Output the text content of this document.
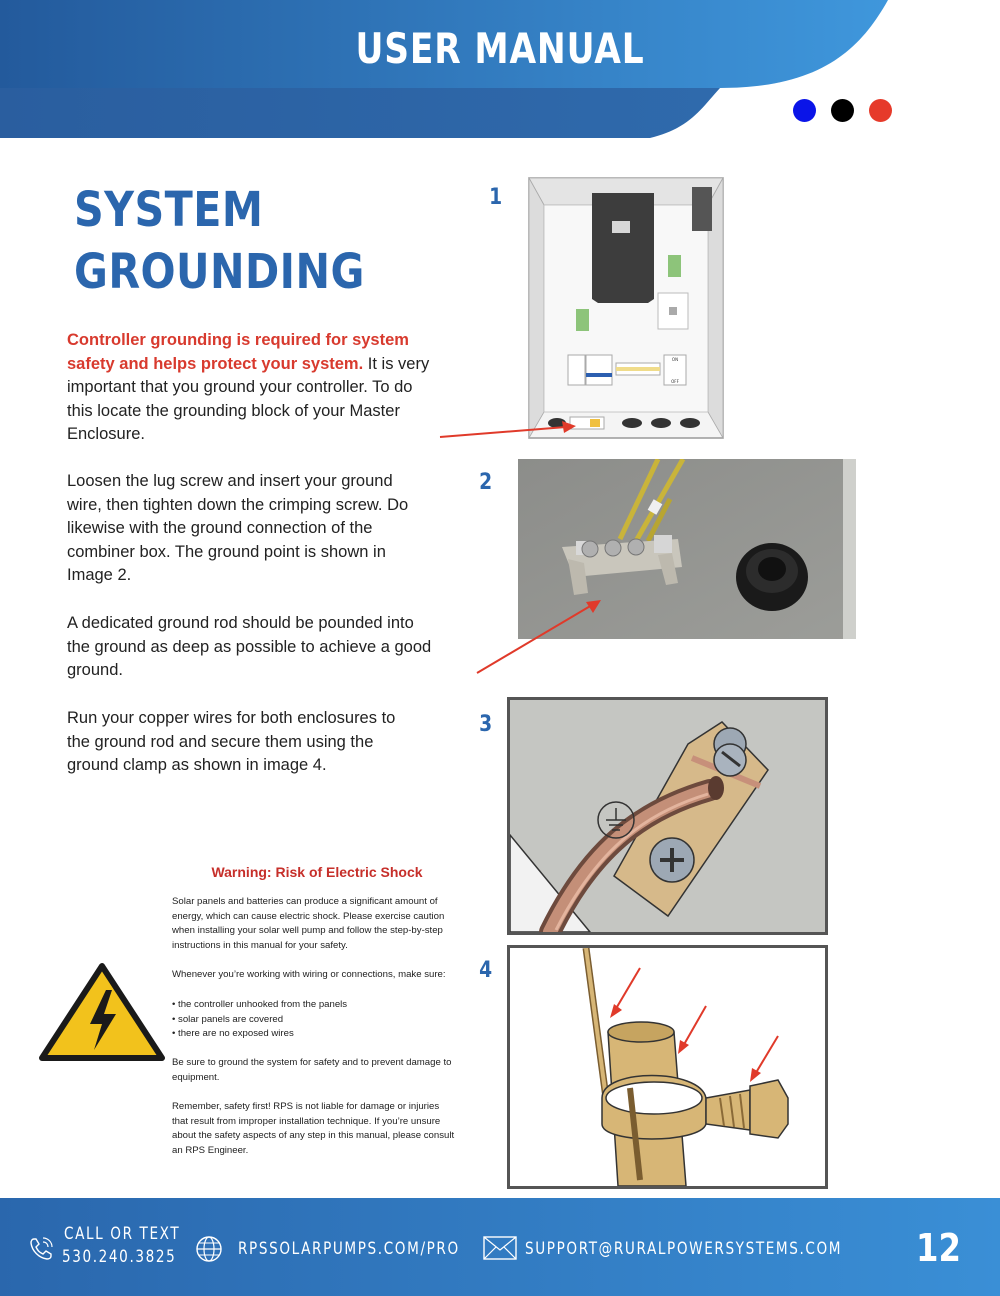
USER MANUAL
SYSTEM
GROUNDING

Controller grounding is required for system safety and helps protect your system. It is very important that you ground your controller. To do this locate the grounding block of your Master Enclosure.

Loosen the lug screw and insert your ground wire, then tighten down the crimping screw. Do likewise with the ground connection of the combiner box. The ground point is shown in Image 2.

A dedicated ground rod should be pounded into the ground as deep as possible to achieve a good ground.

Run your copper wires for both enclosures to the ground rod and secure them using the ground clamp as shown in image 4.

Warning: Risk of Electric Shock

Solar panels and batteries can produce a significant amount of energy, which can cause electric shock. Please exercise caution when installing your solar well pump and follow the step-by-step instructions in this manual for your safety.

Whenever you’re working with wiring or connections, make sure:

• the controller unhooked from the panels

• solar panels are covered

• there are no exposed wires

Be sure to ground the system for safety and to prevent damage to equipment.

Remember, safety first! RPS is not liable for damage or injuries that result from improper installation technique. If you’re unsure about the safety aspects of any step in this manual, please consult an RPS Engineer.

1
2
3
4
ON
OFF
CALL OR TEXT
530.240.3825	RPSSOLARPUMPS.COM/PRO	SUPPORT@RURALPOWERSYSTEMS.COM 12
